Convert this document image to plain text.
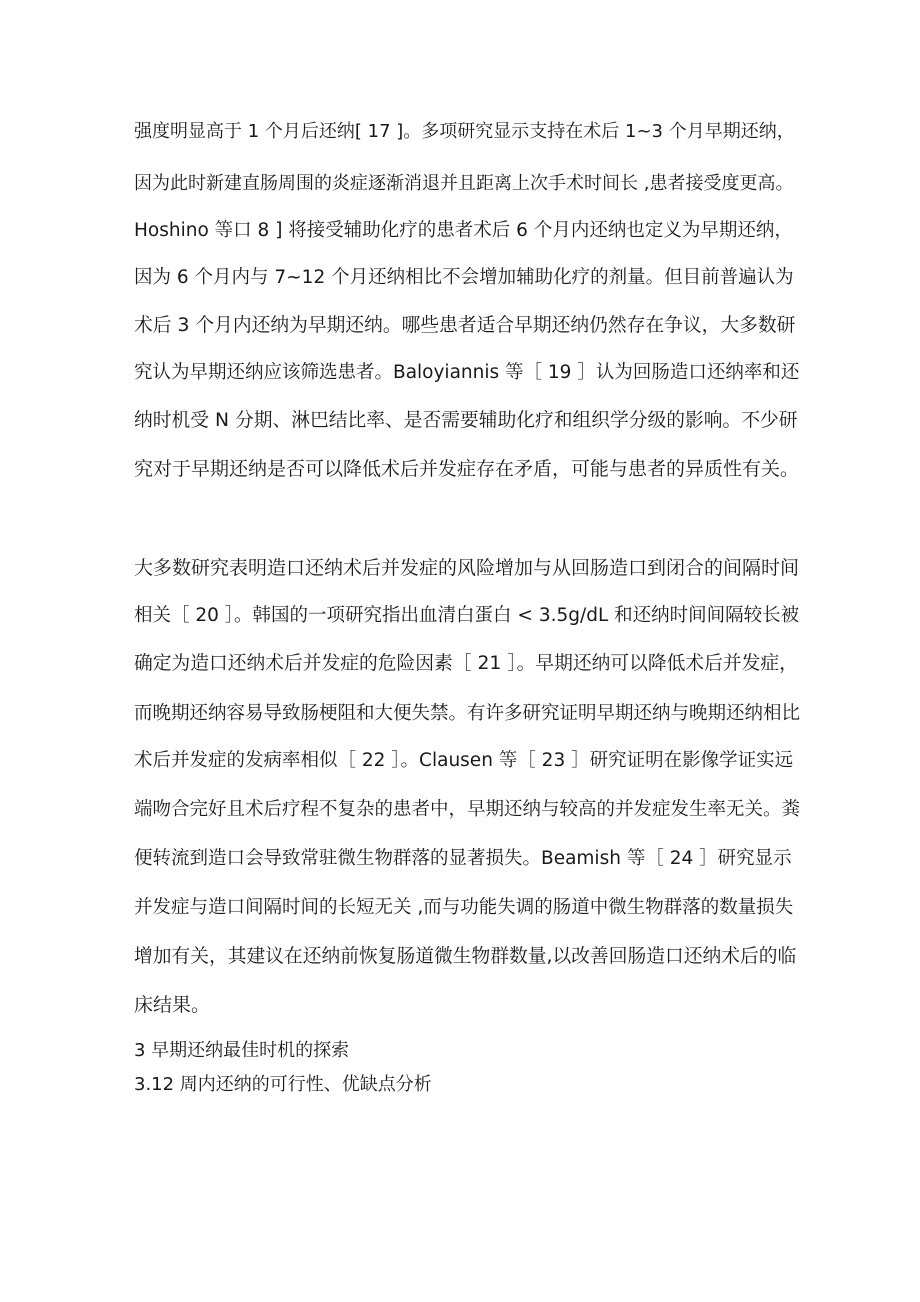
强度明显高于 1 个月后还纳[ 17 ]。多项研究显示支持在术后 1~3 个月早期还纳，
因为此时新建直肠周围的炎症逐渐消退并且距离上次手术时间长 ,患者接受度更高。
Hoshino 等口 8 ] 将接受辅助化疗的患者术后 6 个月内还纳也定义为早期还纳，
因为 6 个月内与 7~12 个月还纳相比不会增加辅助化疗的剂量。但目前普遍认为
术后 3 个月内还纳为早期还纳。哪些患者适合早期还纳仍然存在争议，大多数研
究认为早期还纳应该筛选患者。Baloyiannis 等［ 19 ］认为回肠造口还纳率和还
纳时机受 N 分期、淋巴结比率、是否需要辅助化疗和组织学分级的影响。不少研
究对于早期还纳是否可以降低术后并发症存在矛盾，可能与患者的异质性有关。
大多数研究表明造口还纳术后并发症的风险增加与从回肠造口到闭合的间隔时间
相关［ 20 ］。韩国的一项研究指出血清白蛋白 < 3.5g/dL 和还纳时间间隔较长被
确定为造口还纳术后并发症的危险因素［ 21 ］。早期还纳可以降低术后并发症，
而晚期还纳容易导致肠梗阻和大便失禁。有许多研究证明早期还纳与晚期还纳相比
术后并发症的发病率相似［ 22 ］。Clausen 等［ 23 ］研究证明在影像学证实远
端吻合完好且术后疗程不复杂的患者中，早期还纳与较高的并发症发生率无关。粪
便转流到造口会导致常驻微生物群落的显著损失。Beamish 等［ 24 ］研究显示
并发症与造口间隔时间的长短无关 ,而与功能失调的肠道中微生物群落的数量损失
增加有关，其建议在还纳前恢复肠道微生物群数量,以改善回肠造口还纳术后的临
床结果。
3 早期还纳最佳时机的探索
3.12 周内还纳的可行性、优缺点分析
